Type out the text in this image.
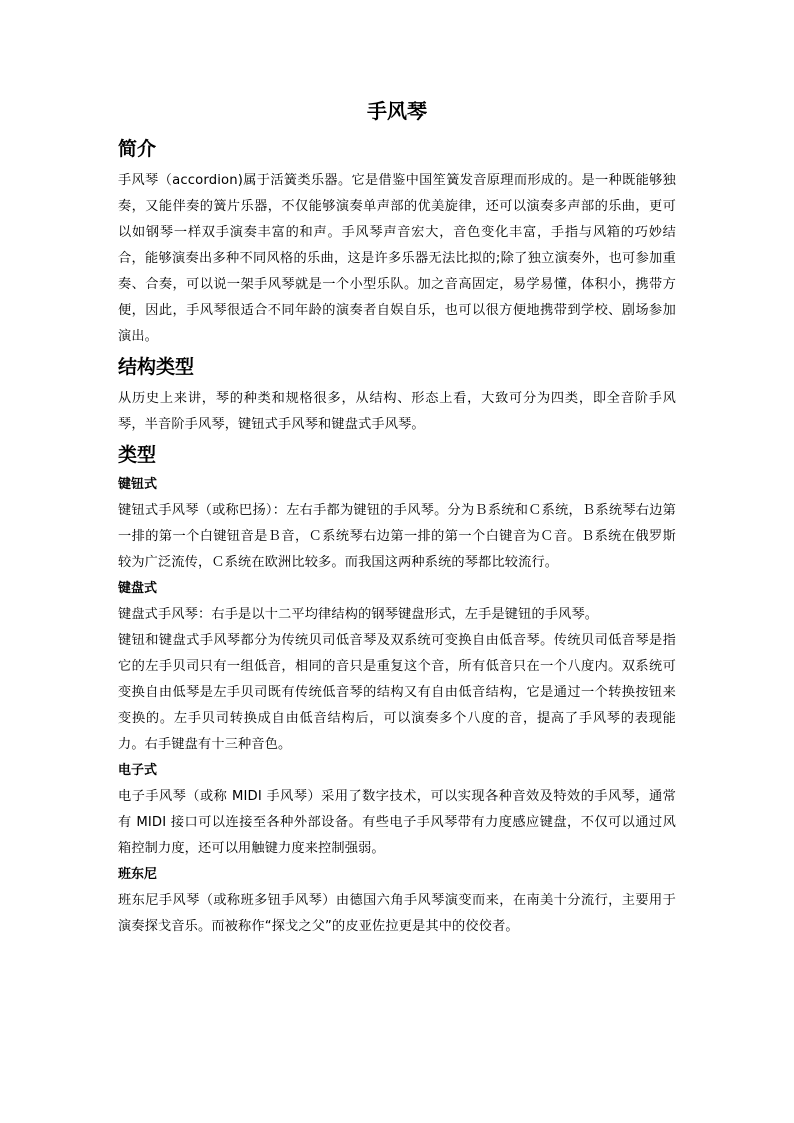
手风琴
简介

手风琴（accordion)属于活簧类乐器。它是借鉴中国笙簧发音原理而形成的。是一种既能够独奏，又能伴奏的簧片乐器，不仅能够演奏单声部的优美旋律，还可以演奏多声部的乐曲，更可以如钢琴一样双手演奏丰富的和声。手风琴声音宏大，音色变化丰富，手指与风箱的巧妙结合，能够演奏出多种不同风格的乐曲，这是许多乐器无法比拟的;除了独立演奏外，也可参加重奏、合奏，可以说一架手风琴就是一个小型乐队。加之音高固定，易学易懂，体积小，携带方便，因此，手风琴很适合不同年龄的演奏者自娱自乐，也可以很方便地携带到学校、剧场参加演出。

结构类型

从历史上来讲，琴的种类和规格很多，从结构、形态上看，大致可分为四类，即全音阶手风琴，半音阶手风琴，键钮式手风琴和键盘式手风琴。

类型
键钮式

键钮式手风琴（或称巴扬）：左右手都为键钮的手风琴。分为Ｂ系统和Ｃ系统，Ｂ系统琴右边第一排的第一个白键钮音是Ｂ音，Ｃ系统琴右边第一排的第一个白键音为Ｃ音。Ｂ系统在俄罗斯较为广泛流传，Ｃ系统在欧洲比较多。而我国这两种系统的琴都比较流行。

键盘式

键盘式手风琴：右手是以十二平均律结构的钢琴键盘形式，左手是键钮的手风琴。

键钮和键盘式手风琴都分为传统贝司低音琴及双系统可变换自由低音琴。传统贝司低音琴是指它的左手贝司只有一组低音，相同的音只是重复这个音，所有低音只在一个八度内。双系统可变换自由低琴是左手贝司既有传统低音琴的结构又有自由低音结构，它是通过一个转换按钮来变换的。左手贝司转换成自由低音结构后，可以演奏多个八度的音，提高了手风琴的表现能力。右手键盘有十三种音色。

电子式

电子手风琴（或称 MIDI 手风琴）采用了数字技术，可以实现各种音效及特效的手风琴，通常有 MIDI 接口可以连接至各种外部设备。有些电子手风琴带有力度感应键盘，不仅可以通过风箱控制力度，还可以用触键力度来控制强弱。

班东尼

班东尼手风琴（或称班多钮手风琴）由德国六角手风琴演变而来，在南美十分流行，主要用于演奏探戈音乐。而被称作“探戈之父”的皮亚佐拉更是其中的佼佼者。
